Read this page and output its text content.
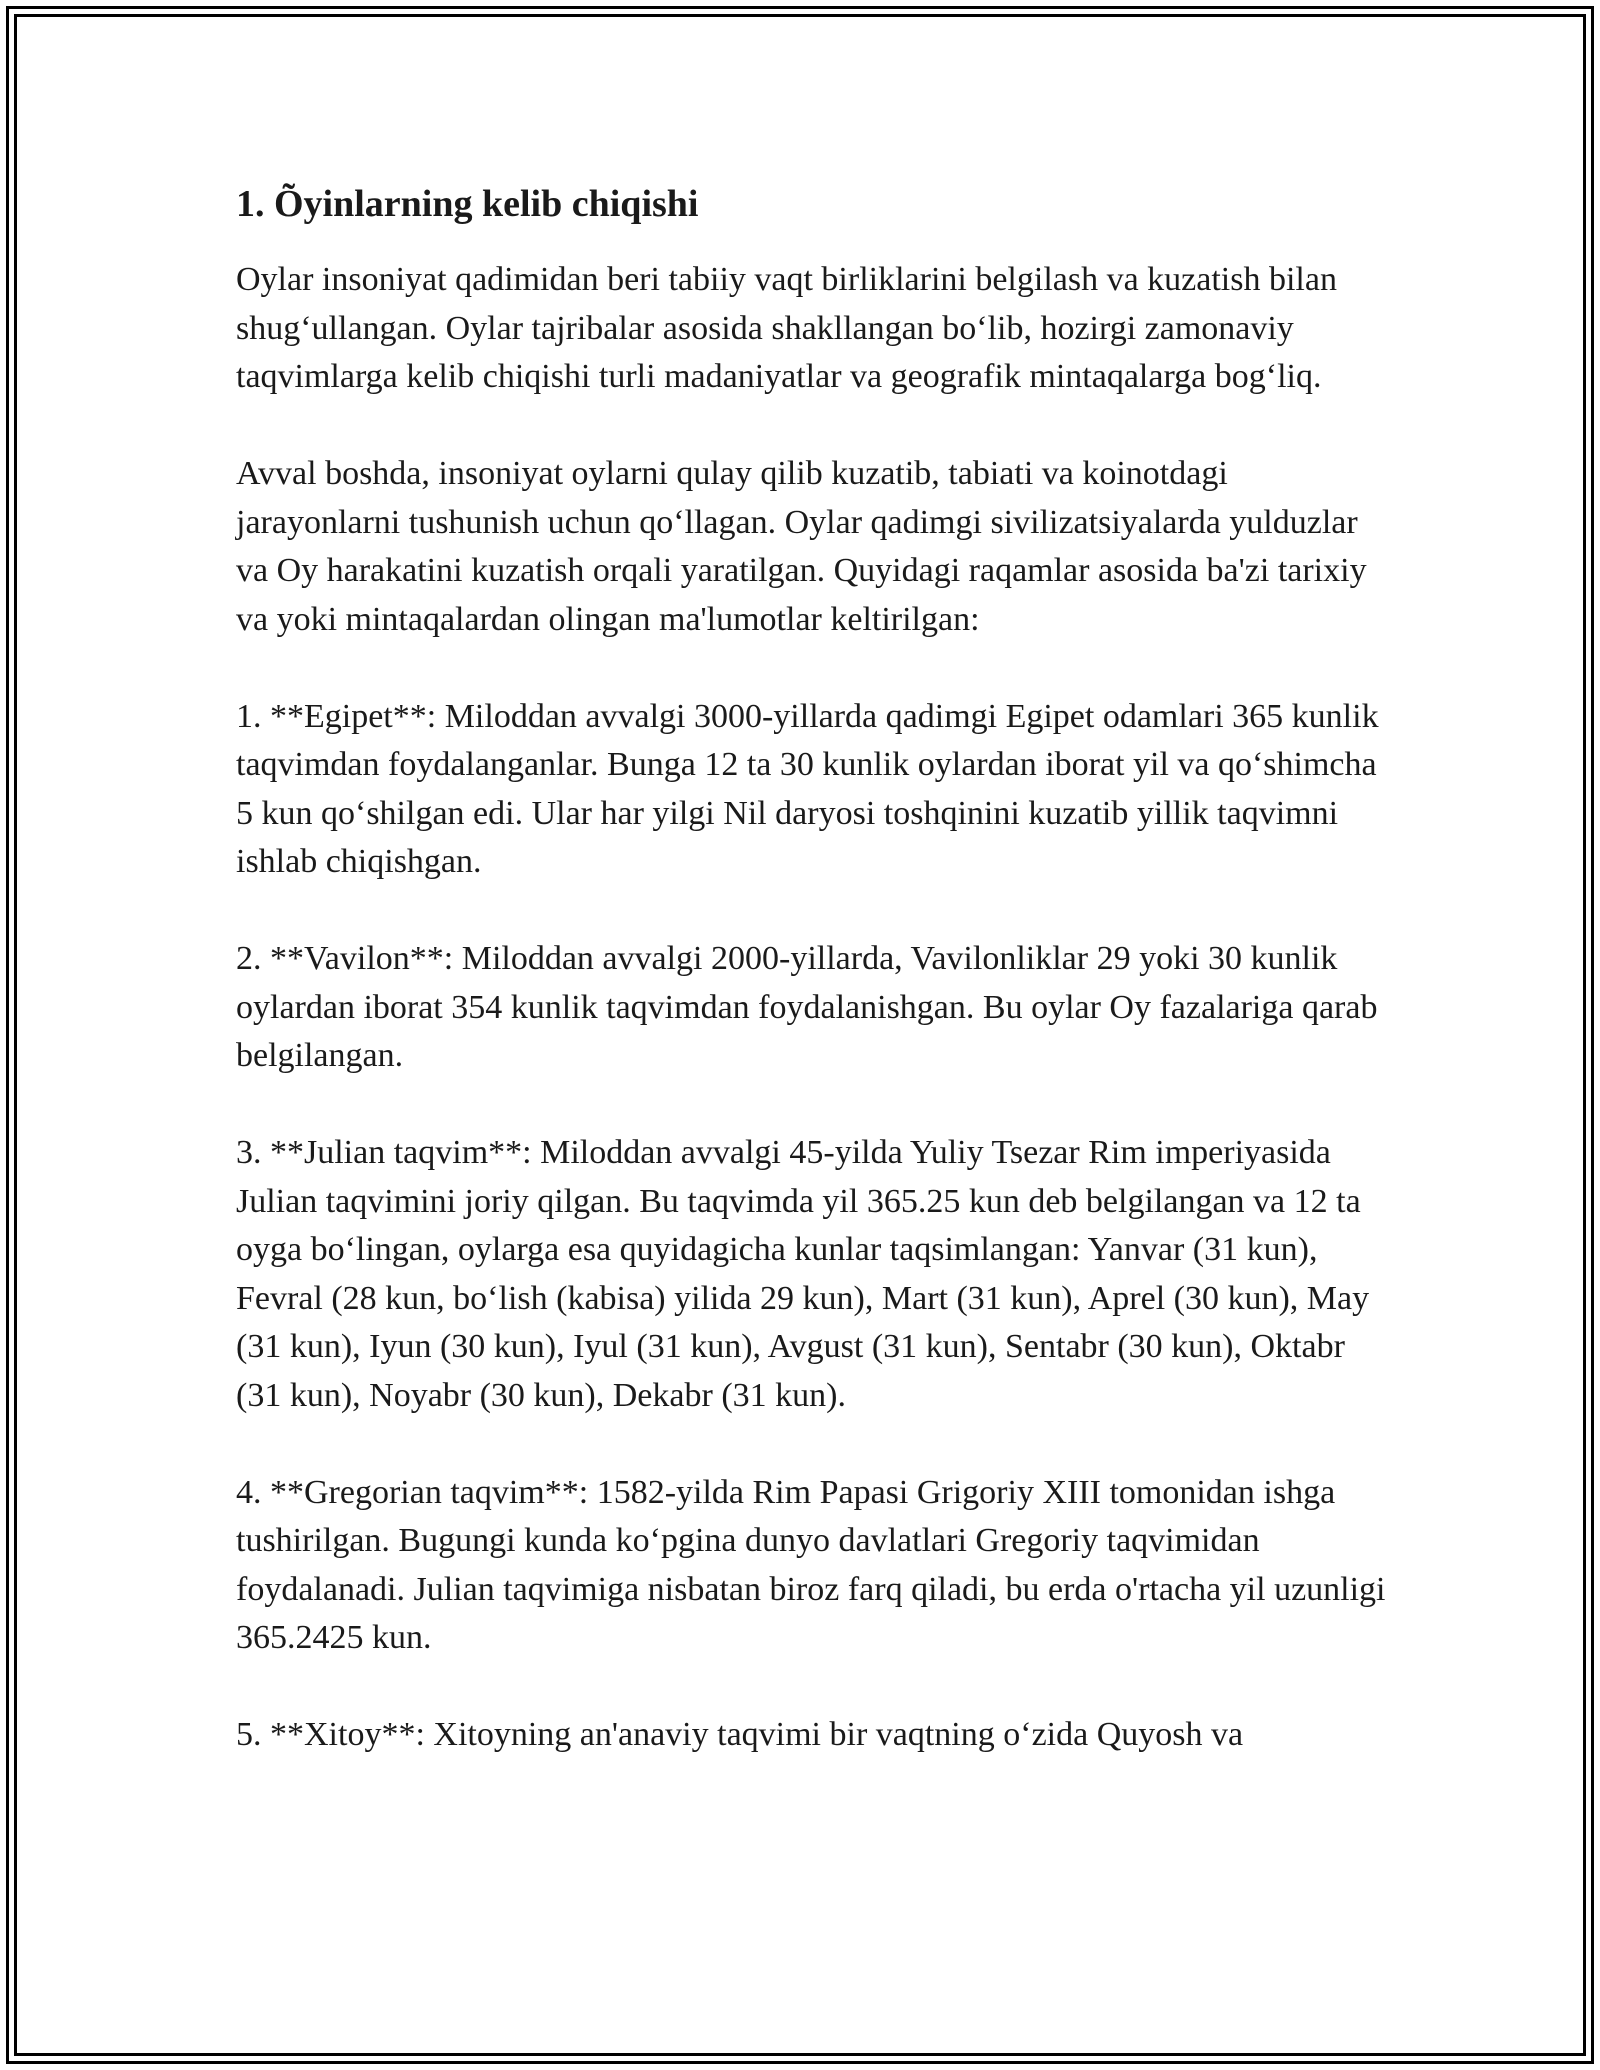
1. Õyinlarning kelib chiqishi

Oylar insoniyat qadimidan beri tabiiy vaqt birliklarini belgilash va kuzatish bilan shug‘ullangan. Oylar tajribalar asosida shakllangan bo‘lib, hozirgi zamonaviy taqvimlarga kelib chiqishi turli madaniyatlar va geografik mintaqalarga bog‘liq.

Avval boshda, insoniyat oylarni qulay qilib kuzatib, tabiati va koinotdagi jarayonlarni tushunish uchun qo‘llagan. Oylar qadimgi sivilizatsiyalarda yulduzlar va Oy harakatini kuzatish orqali yaratilgan. Quyidagi raqamlar asosida ba'zi tarixiy va yoki mintaqalardan olingan ma'lumotlar keltirilgan:

1. **Egipet**: Miloddan avvalgi 3000-yillarda qadimgi Egipet odamlari 365 kunlik taqvimdan foydalanganlar. Bunga 12 ta 30 kunlik oylardan iborat yil va qo‘shimcha 5 kun qo‘shilgan edi. Ular har yilgi Nil daryosi toshqinini kuzatib yillik taqvimni ishlab chiqishgan.

2. **Vavilon**: Miloddan avvalgi 2000-yillarda, Vavilonliklar 29 yoki 30 kunlik oylardan iborat 354 kunlik taqvimdan foydalanishgan. Bu oylar Oy fazalariga qarab belgilangan.

3. **Julian taqvim**: Miloddan avvalgi 45-yilda Yuliy Tsezar Rim imperiyasida Julian taqvimini joriy qilgan. Bu taqvimda yil 365.25 kun deb belgilangan va 12 ta oyga bo‘lingan, oylarga esa quyidagicha kunlar taqsimlangan: Yanvar (31 kun), Fevral (28 kun, bo‘lish (kabisa) yilida 29 kun), Mart (31 kun), Aprel (30 kun), May (31 kun), Iyun (30 kun), Iyul (31 kun), Avgust (31 kun), Sentabr (30 kun), Oktabr (31 kun), Noyabr (30 kun), Dekabr (31 kun).

4. **Gregorian taqvim**: 1582-yilda Rim Papasi Grigoriy XIII tomonidan ishga tushirilgan. Bugungi kunda ko‘pgina dunyo davlatlari Gregoriy taqvimidan foydalanadi. Julian taqvimiga nisbatan biroz farq qiladi, bu erda o'rtacha yil uzunligi 365.2425 kun.

5. **Xitoy**: Xitoyning an'anaviy taqvimi bir vaqtning o‘zida Quyosh va
